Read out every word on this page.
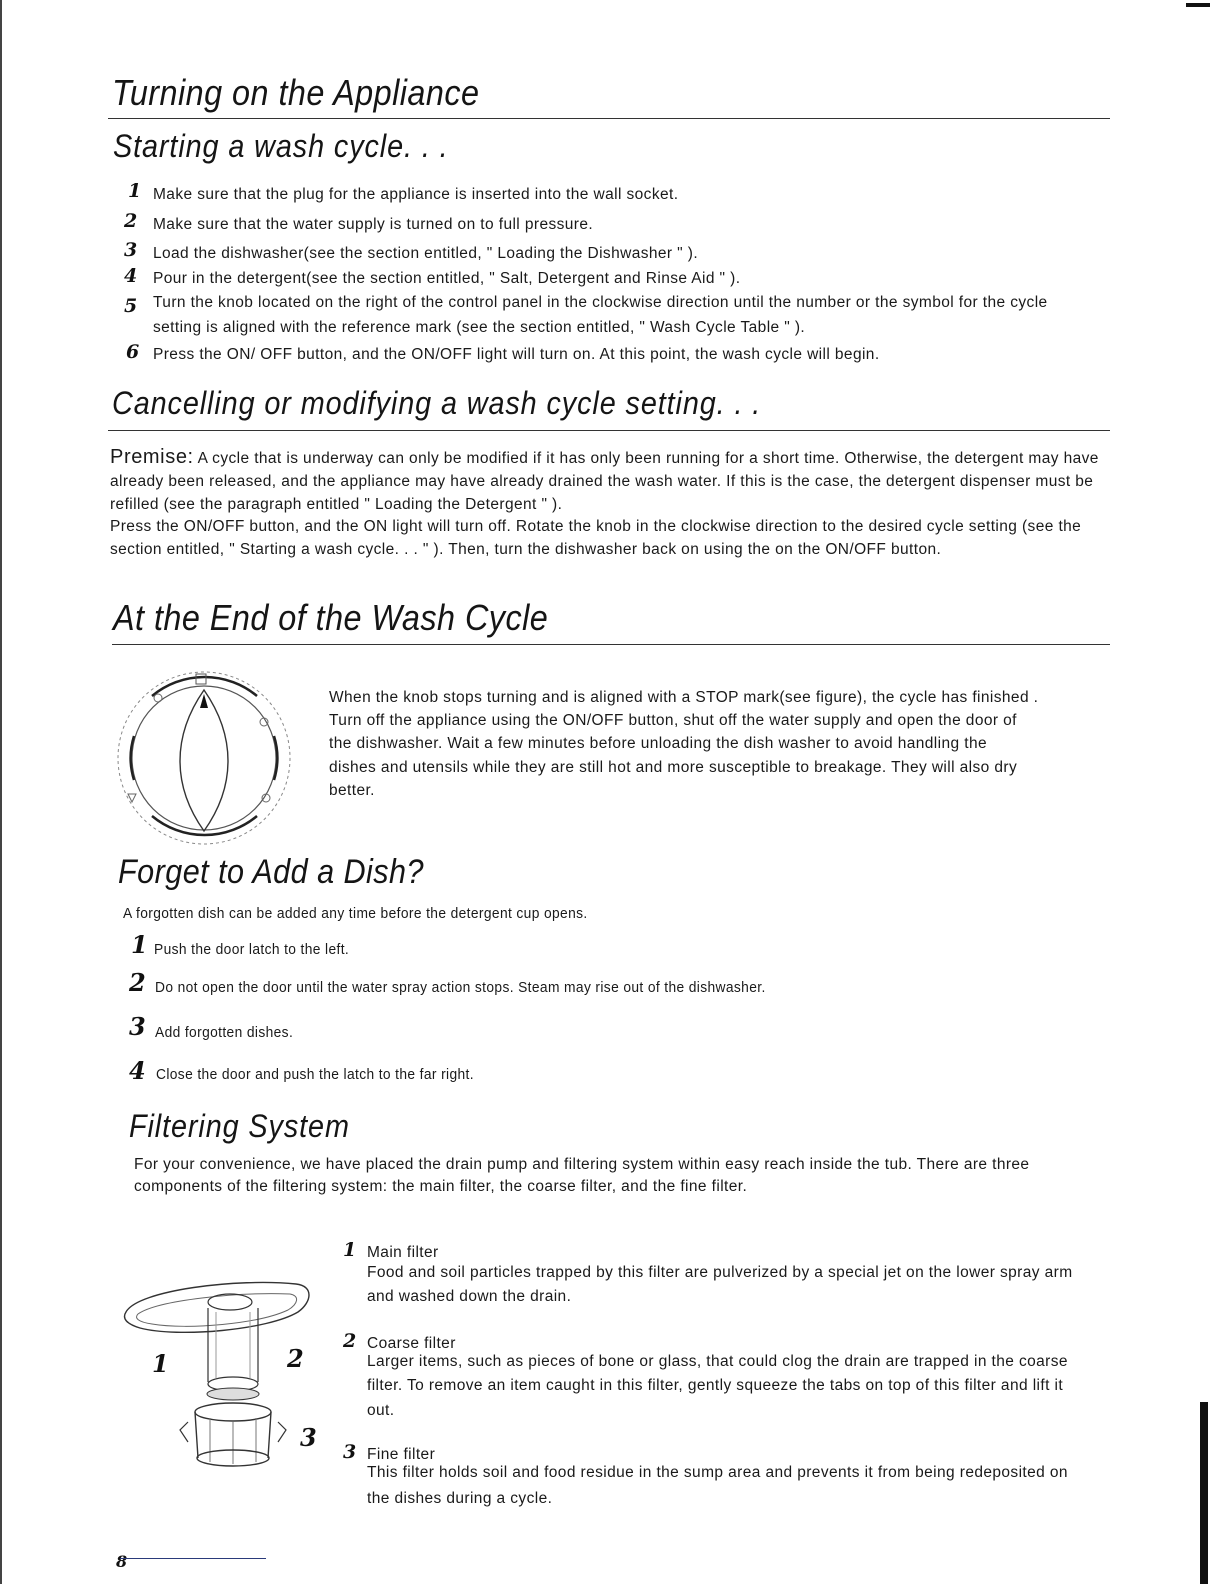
Turning on the Appliance
Starting a wash cycle. . .
1 Make sure that the plug for the appliance is inserted into the wall socket.
2 Make sure that the water supply is turned on to full pressure.
3 Load the dishwasher(see the section entitled, " Loading the Dishwasher " ).
4 Pour in the detergent(see the section entitled, " Salt, Detergent and Rinse Aid " ).
5 Turn the knob located on the right of the control panel in the clockwise direction until the number or the symbol for the cycle
setting is aligned with the reference mark (see the section entitled, " Wash Cycle Table " ).
6 Press the ON/ OFF button, and the ON/OFF light will turn on. At this point, the wash cycle will begin.
Cancelling or modifying a wash cycle setting. . .
Premise: A cycle that is underway can only be modified if it has only been running for a short time. Otherwise, the detergent may have already been released, and the appliance may have already drained the wash water. If this is the case, the detergent dispenser must be refilled (see the paragraph entitled " Loading the Detergent " ).
Press the ON/OFF button, and the ON light will turn off. Rotate the knob in the clockwise direction to the desired cycle setting (see the section entitled, " Starting a wash cycle. . . " ). Then, turn the dishwasher back on using the on the ON/OFF button.
At the End of the Wash Cycle
When the knob stops turning and is aligned with a STOP mark(see figure), the cycle has finished .
Turn off the appliance using the ON/OFF button, shut off the water supply and open the door of
the dishwasher. Wait a few minutes before unloading the dish washer to avoid handling the
dishes and utensils while they are still hot and more susceptible to breakage. They will also dry
better.
Forget to Add a Dish?
A forgotten dish can be added any time before the detergent cup opens.
1 Push the door latch to the left.
2 Do not open the door until the water spray action stops. Steam may rise out of the dishwasher.
3 Add forgotten dishes.
4 Close the door and push the latch to the far right.
Filtering System
For your convenience, we have placed the drain pump and filtering system within easy reach inside the tub. There are three
components of the filtering system: the main filter, the coarse filter, and the fine filter.
1	2
3
1 Main filter
Food and soil particles trapped by this filter are pulverized by a special jet on the lower spray arm
and washed down the drain.
2 Coarse filter
Larger items, such as pieces of bone or glass, that could clog the drain are trapped in the coarse
filter. To remove an item caught in this filter, gently squeeze the tabs on top of this filter and lift it
out.
3 Fine filter
This filter holds soil and food residue in the sump area and prevents it from being redeposited on
the dishes during a cycle.
8
